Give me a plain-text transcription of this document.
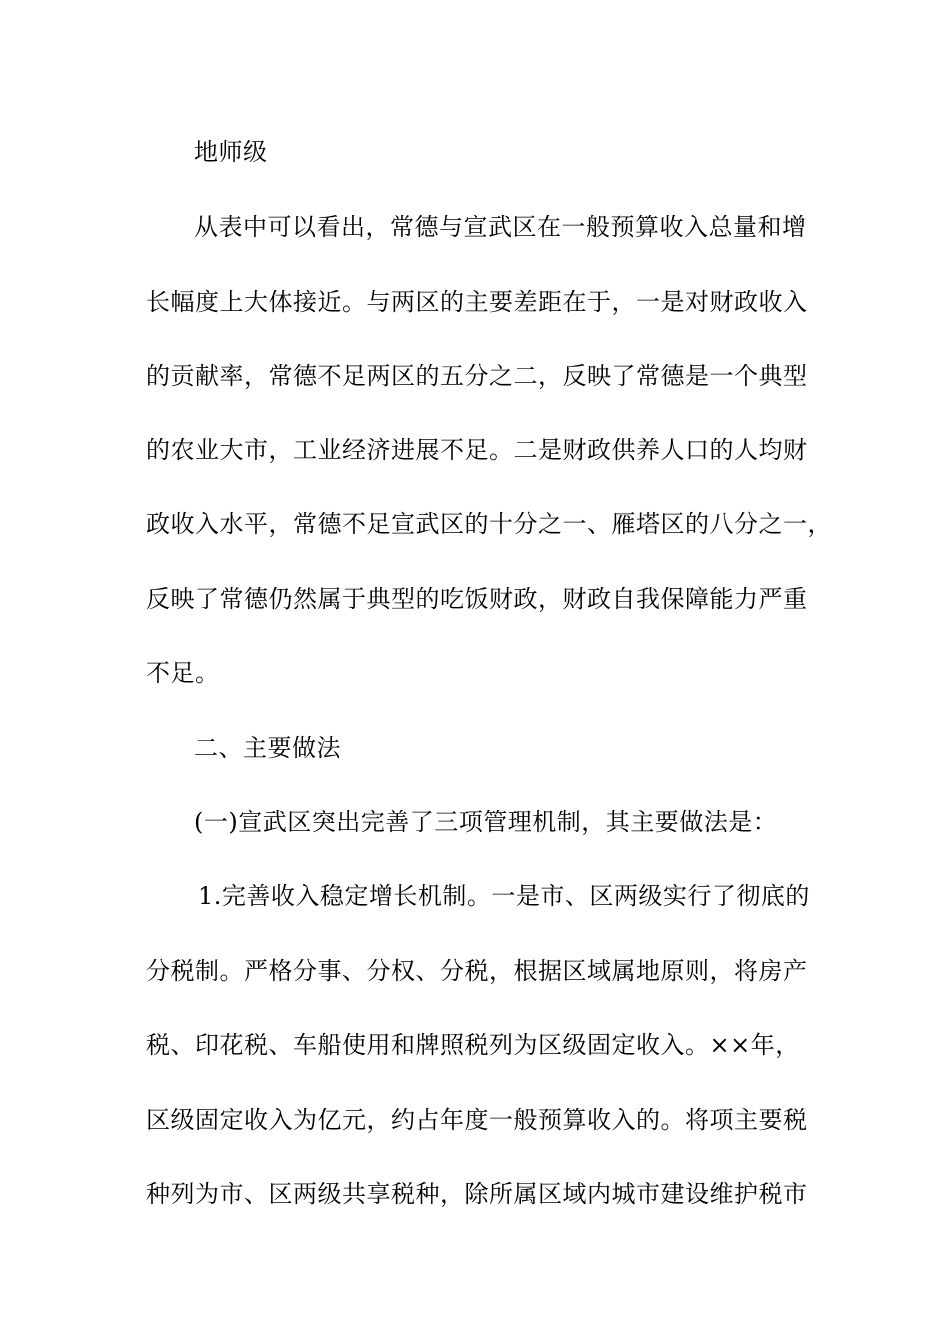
地师级
从表中可以看出，常德与宣武区在一般预算收入总量和增
长幅度上大体接近。与两区的主要差距在于，一是对财政收入
的贡献率，常德不足两区的五分之二，反映了常德是一个典型
的农业大市，工业经济进展不足。二是财政供养人口的人均财
政收入水平，常德不足宣武区的十分之一、雁塔区的八分之一，
反映了常德仍然属于典型的吃饭财政，财政自我保障能力严重
不足。
二、主要做法
(一)宣武区突出完善了三项管理机制，其主要做法是：
1.完善收入稳定增长机制。一是市、区两级实行了彻底的
分税制。严格分事、分权、分税，根据区域属地原则，将房产
税、印花税、车船使用和牌照税列为区级固定收入。××年，
区级固定收入为亿元，约占年度一般预算收入的。将项主要税
种列为市、区两级共享税种，除所属区域内城市建设维护税市
